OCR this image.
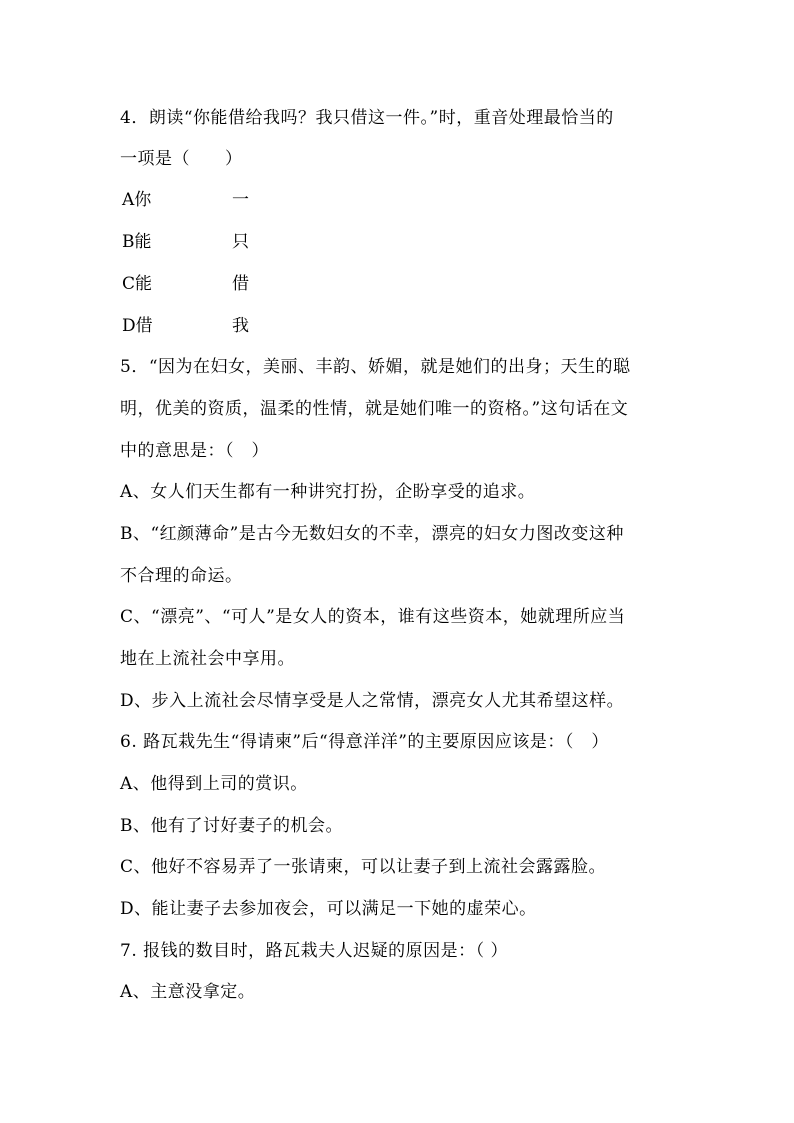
4．朗读“你能借给我吗？我只借这一件。”时，重音处理最恰当的
一项是（　　）
A你	一
B能	只
C能	借
D借	我
5．“因为在妇女，美丽、丰韵、娇媚，就是她们的出身；天生的聪
明，优美的资质，温柔的性情，就是她们唯一的资格。”这句话在文
中的意思是：（　）
A、女人们天生都有一种讲究打扮，企盼享受的追求。
B、“红颜薄命”是古今无数妇女的不幸，漂亮的妇女力图改变这种
不合理的命运。
C、“漂亮”、“可人”是女人的资本，谁有这些资本，她就理所应当
地在上流社会中享用。
D、步入上流社会尽情享受是人之常情，漂亮女人尤其希望这样。
6. 路瓦栽先生“得请柬”后“得意洋洋”的主要原因应该是：（　）
A、他得到上司的赏识。
B、他有了讨好妻子的机会。
C、他好不容易弄了一张请柬，可以让妻子到上流社会露露脸。
D、能让妻子去参加夜会，可以满足一下她的虚荣心。
7. 报钱的数目时，路瓦栽夫人迟疑的原因是：（ ）
A、主意没拿定。
